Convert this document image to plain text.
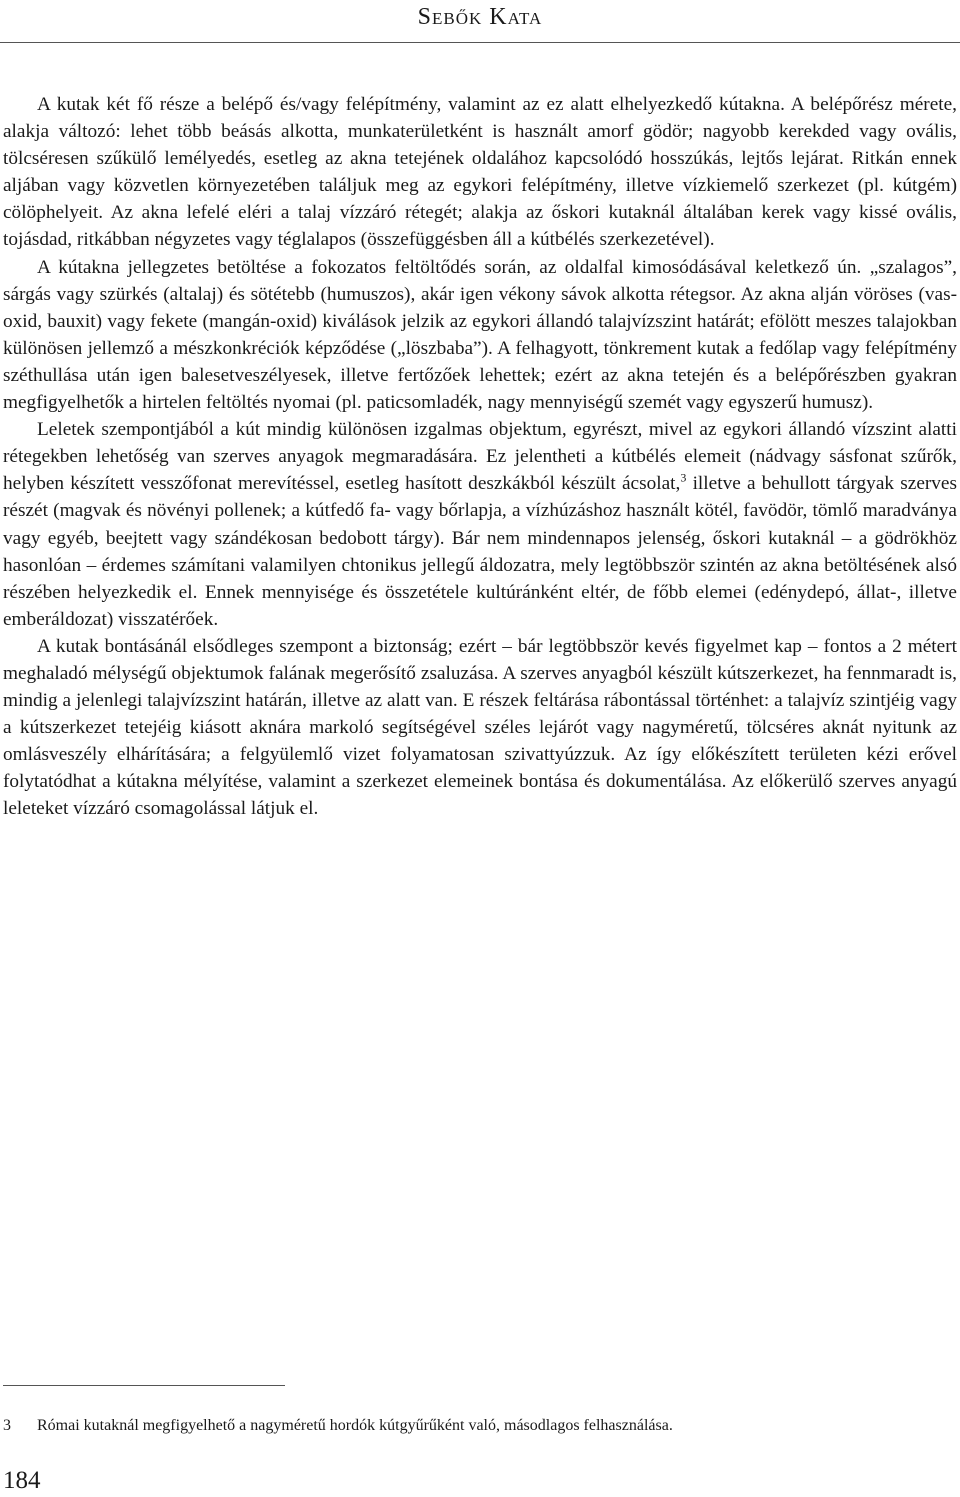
Sebők Kata

A kutak két fő része a belépő és/vagy felépítmény, valamint az ez alatt elhelyezkedő kútakna. A belépőrész mérete, alakja változó: lehet több beásás alkotta, munkaterületként is használt amorf gödör; nagyobb kerekded vagy ovális, tölcséresen szűkülő lemélyedés, esetleg az akna tetejének oldalához kapcsolódó hosszúkás, lejtős lejárat. Ritkán ennek aljában vagy közvetlen környezetében találjuk meg az egykori felépítmény, illetve vízkiemelő szerkezet (pl. kútgém) cölöphelyeit. Az akna lefelé eléri a talaj vízzáró rétegét; alakja az őskori kutaknál általában kerek vagy kissé ovális, tojásdad, ritkábban négyzetes vagy téglalapos (összefüggésben áll a kútbélés szerkezetével).

A kútakna jellegzetes betöltése a fokozatos feltöltődés során, az oldalfal kimosódásával keletkező ún. „szalagos”, sárgás vagy szürkés (altalaj) és sötétebb (humuszos), akár igen vékony sávok alkotta rétegsor. Az akna alján vöröses (vas-oxid, bauxit) vagy fekete (mangán-oxid) kiválások jelzik az egykori állandó talajvízszint határát; efölött meszes talajokban különösen jellemző a mészkonkréciók képződése („löszbaba”). A felhagyott, tönkrement kutak a fedőlap vagy felépítmény széthullása után igen balesetveszélyesek, illetve fertőzőek lehettek; ezért az akna tetején és a belépőrészben gyakran megfigyelhetők a hirtelen feltöltés nyomai (pl. paticsomladék, nagy mennyiségű szemét vagy egyszerű humusz).

Leletek szempontjából a kút mindig különösen izgalmas objektum, egyrészt, mivel az egykori állandó vízszint alatti rétegekben lehetőség van szerves anyagok megmaradására. Ez jelentheti a kútbélés elemeit (nádvagy sásfonat szűrők, helyben készített vesszőfonat merevítéssel, esetleg hasított deszkákból készült ácsolat,$^3$ illetve a behullott tárgyak szerves részét (magvak és növényi pollenek; a kútfedő fa- vagy bőrlapja, a vízhúzáshoz használt kötél, favödör, tömlő maradványa vagy egyéb, beejtett vagy szándékosan bedobott tárgy). Bár nem mindennapos jelenség, őskori kutaknál – a gödrökhöz hasonlóan – érdemes számítani valamilyen chtonikus jellegű áldozatra, mely legtöbbször szintén az akna betöltésének alsó részében helyezkedik el. Ennek mennyisége és összetétele kultúránként eltér, de főbb elemei (edénydepó, állat-, illetve emberáldozat) visszatérőek.

A kutak bontásánál elsődleges szempont a biztonság; ezért – bár legtöbbször kevés figyelmet kap – fontos a 2 métert meghaladó mélységű objektumok falának megerősítő zsaluzása. A szerves anyagból készült kútszerkezet, ha fennmaradt is, mindig a jelenlegi talajvízszint határán, illetve az alatt van. E részek feltárása rábontással történhet: a talajvíz szintjéig vagy a kútszerkezet tetejéig kiásott aknára markoló segítségével széles lejárót vagy nagyméretű, tölcséres aknát nyitunk az omlásveszély elhárítására; a felgyülemlő vizet folyamatosan szivattyúzzuk. Az így előkészített területen kézi erővel folytatódhat a kútakna mélyítése, valamint a szerkezet elemeinek bontása és dokumentálása. Az előkerülő szerves anyagú leleteket vízzáró csomagolással látjuk el.

3 Római kutaknál megfigyelhető a nagyméretű hordók kútgyűrűként való, másodlagos felhasználása.
184
